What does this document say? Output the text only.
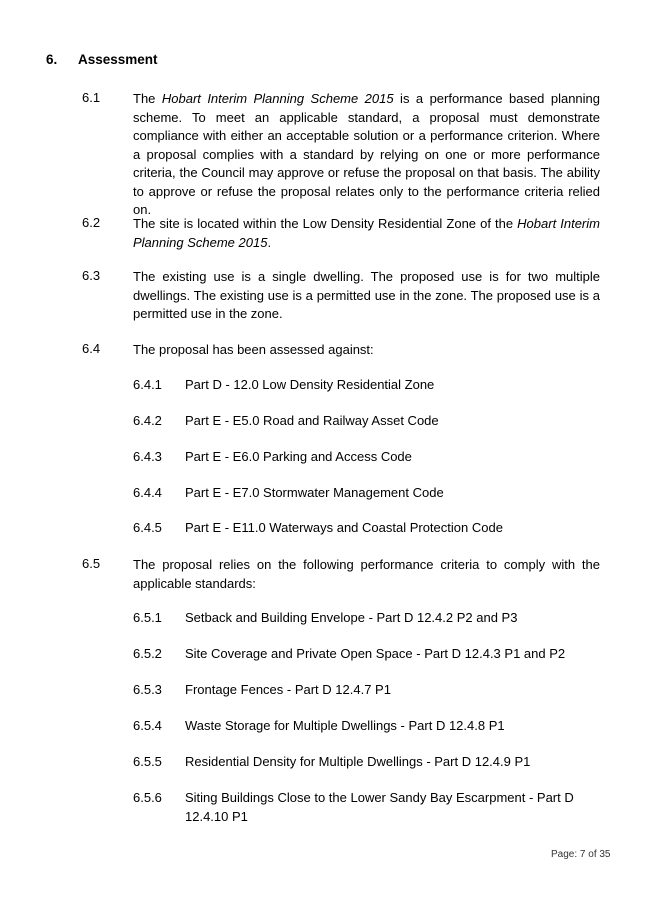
6. Assessment
6.1	The Hobart Interim Planning Scheme 2015 is a performance based planning scheme. To meet an applicable standard, a proposal must demonstrate compliance with either an acceptable solution or a performance criterion. Where a proposal complies with a standard by relying on one or more performance criteria, the Council may approve or refuse the proposal on that basis. The ability to approve or refuse the proposal relates only to the performance criteria relied on.
6.2	The site is located within the Low Density Residential Zone of the Hobart Interim Planning Scheme 2015.
6.3	The existing use is a single dwelling. The proposed use is for two multiple dwellings. The existing use is a permitted use in the zone. The proposed use is a permitted use in the zone.
6.4	The proposal has been assessed against:
6.4.1 Part D - 12.0 Low Density Residential Zone
6.4.2 Part E - E5.0 Road and Railway Asset Code
6.4.3 Part E - E6.0 Parking and Access Code
6.4.4 Part E - E7.0 Stormwater Management Code
6.4.5 Part E - E11.0 Waterways and Coastal Protection Code
6.5	The proposal relies on the following performance criteria to comply with the applicable standards:
6.5.1 Setback and Building Envelope - Part D 12.4.2 P2 and P3
6.5.2 Site Coverage and Private Open Space - Part D 12.4.3 P1 and P2
6.5.3 Frontage Fences - Part D 12.4.7 P1
6.5.4 Waste Storage for Multiple Dwellings - Part D 12.4.8 P1
6.5.5 Residential Density for Multiple Dwellings - Part D 12.4.9 P1
6.5.6 Siting Buildings Close to the Lower Sandy Bay Escarpment - Part D 12.4.10 P1
Page: 7 of 35
